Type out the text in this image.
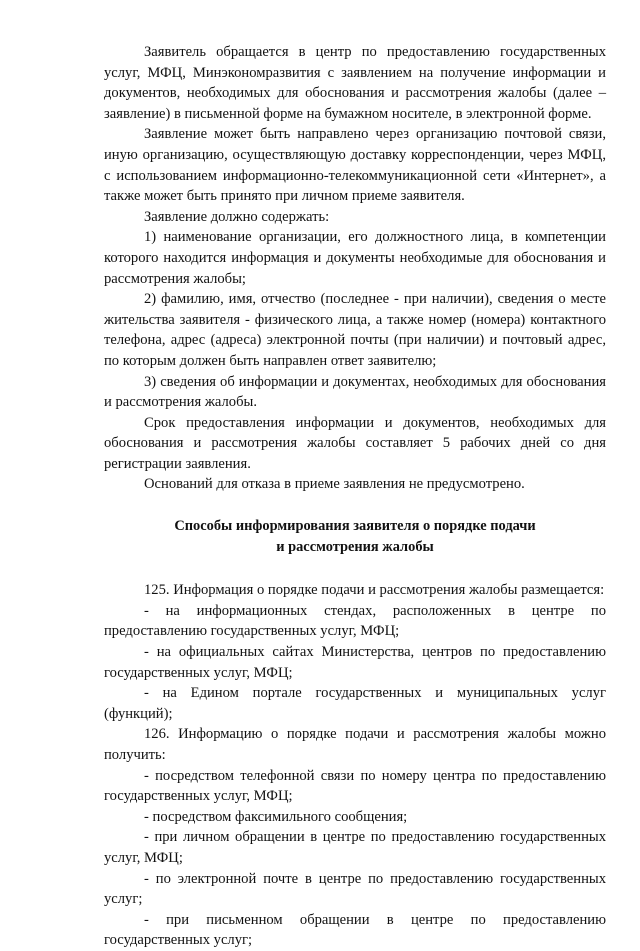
Заявитель обращается в центр по предоставлению государственных услуг, МФЦ, Минэкономразвития с заявлением на получение информации и документов, необходимых для обоснования и рассмотрения жалобы (далее – заявление) в письменной форме на бумажном носителе, в электронной форме.

Заявление может быть направлено через организацию почтовой связи, иную организацию, осуществляющую доставку корреспонденции, через МФЦ, с использованием информационно-телекоммуникационной сети «Интернет», а также может быть принято при личном приеме заявителя.

Заявление должно содержать:

1) наименование организации, его должностного лица, в компетенции которого находится информация и документы необходимые для обоснования и рассмотрения жалобы;

2) фамилию, имя, отчество (последнее - при наличии), сведения о месте жительства заявителя - физического лица, а также номер (номера) контактного телефона, адрес (адреса) электронной почты (при наличии) и почтовый адрес, по которым должен быть направлен ответ заявителю;

3) сведения об информации и документах, необходимых для обоснования и рассмотрения жалобы.

Срок предоставления информации и документов, необходимых для обоснования и рассмотрения жалобы составляет 5 рабочих дней со дня регистрации заявления.

Оснований для отказа в приеме заявления не предусмотрено.

Способы информирования заявителя о порядке подачи
и рассмотрения жалобы

125. Информация о порядке подачи и рассмотрения жалобы размещается:

- на информационных стендах, расположенных в центре по предоставлению государственных услуг, МФЦ;

- на официальных сайтах Министерства, центров по предоставлению государственных услуг, МФЦ;

- на Едином портале государственных и муниципальных услуг (функций);

126. Информацию о порядке подачи и рассмотрения жалобы можно получить:

- посредством телефонной связи по номеру центра по предоставлению государственных услуг, МФЦ;

- посредством факсимильного сообщения;

- при личном обращении в центре по предоставлению государственных услуг, МФЦ;

- по электронной почте в центре по предоставлению государственных услуг;

- при письменном обращении в центре по предоставлению государственных услуг;
